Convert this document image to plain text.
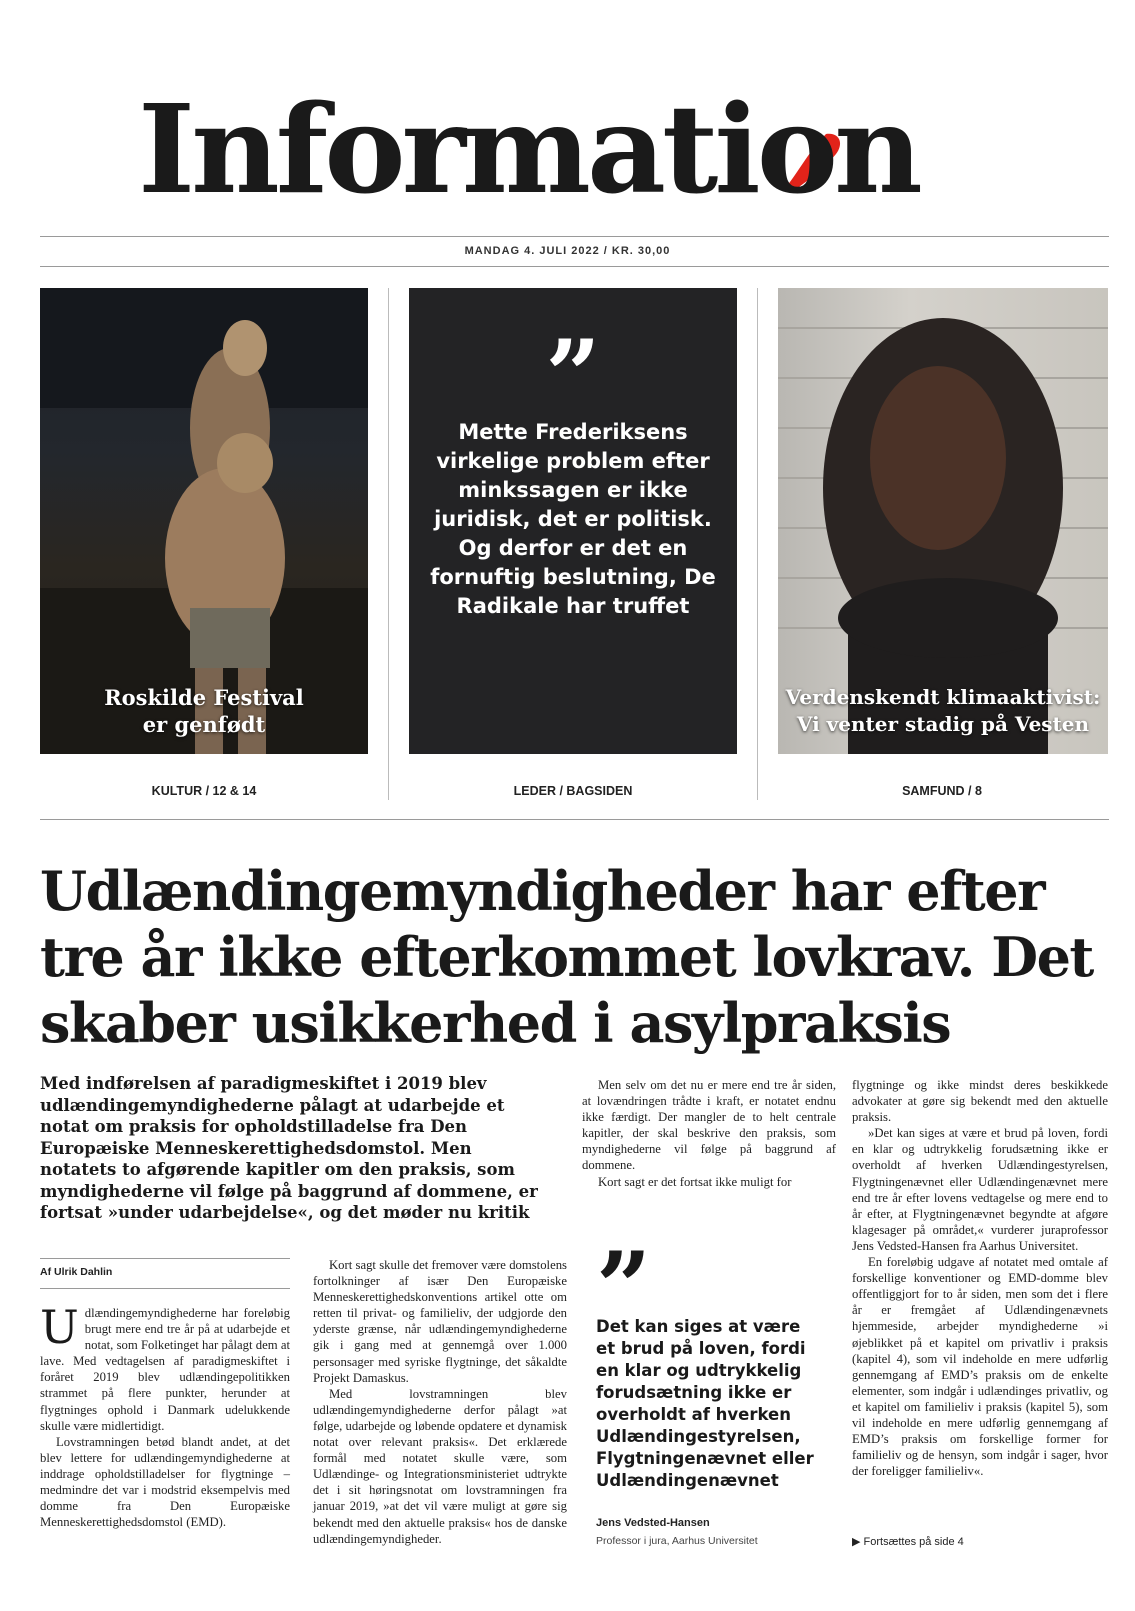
Information
MANDAG 4. JULI 2022 / KR. 30,00
Roskilde Festival
er genfødt
”
Mette Frederiksens virkelige problem efter minkssagen er ikke juridisk, det er politisk. Og derfor er det en fornuftig beslutning, De Radikale har truffet
Verdenskendt klimaaktivist:
Vi venter stadig på Vesten
KULTUR / 12 & 14	LEDER / BAGSIDEN	SAMFUND / 8
Udlændingemyndigheder har efter tre år ikke efterkommet lovkrav. Det skaber usikkerhed i asylpraksis
Med indførelsen af paradigmeskiftet i 2019 blev udlændingemyndighederne pålagt at udarbejde et notat om praksis for opholdstilladelse fra Den Europæiske Menneskerettighedsdomstol. Men notatets to afgørende kapitler om den praksis, som myndighederne vil følge på baggrund af dommene, er fortsat »under udarbejdelse«, og det møder nu kritik
Af Ulrik Dahlin

Udlændingemyndighederne har foreløbig brugt mere end tre år på at udarbejde et notat, som Folketinget har pålagt dem at lave. Med vedtagelsen af paradigmeskiftet i foråret 2019 blev udlændingepolitikken strammet på flere punkter, herunder at flygtninges ophold i Danmark udelukkende skulle være midlertidigt.

Lovstramningen betød blandt andet, at det blev lettere for udlændingemyndighederne at inddrage opholdstilladelser for flygtninge – medmindre det var i modstrid eksempelvis med domme fra Den Europæiske Menneskerettighedsdomstol (EMD).

Kort sagt skulle det fremover være domstolens fortolkninger af især Den Europæiske Menneskerettighedskonventions artikel otte om retten til privat- og familieliv, der udgjorde den yderste grænse, når udlændingemyndighederne gik i gang med at gennemgå over 1.000 personsager med syriske flygtninge, det såkaldte Projekt Damaskus.

Med lovstramningen blev udlændingemyndighederne derfor pålagt »at følge, udarbejde og løbende opdatere et dynamisk notat over relevant praksis«. Det erklærede formål med notatet skulle være, som Udlændinge- og Integrationsministeriet udtrykte det i sit høringsnotat om lovstramningen fra januar 2019, »at det vil være muligt at gøre sig bekendt med den aktuelle praksis« hos de danske udlændingemyndigheder.

Men selv om det nu er mere end tre år siden, at lovændringen trådte i kraft, er notatet endnu ikke færdigt. Der mangler de to helt centrale kapitler, der skal beskrive den praksis, som myndighederne vil følge på baggrund af dommene.

Kort sagt er det fortsat ikke muligt for

flygtninge og ikke mindst deres beskikkede advokater at gøre sig bekendt med den aktuelle praksis.

»Det kan siges at være et brud på loven, fordi en klar og udtrykkelig forudsætning ikke er overholdt af hverken Udlændingestyrelsen, Flygtningenævnet eller Udlændingenævnet mere end tre år efter lovens vedtagelse og mere end to år efter, at Flygtningenævnet begyndte at afgøre klagesager på området,« vurderer juraprofessor Jens Vedsted-Hansen fra Aarhus Universitet.

En foreløbig udgave af notatet med omtale af forskellige konventioner og EMD-domme blev offentliggjort for to år siden, men som det i flere år er fremgået af Udlændingenævnets hjemmeside, arbejder myndighederne »i øjeblikket på et kapitel om privatliv i praksis (kapitel 4), som vil indeholde en mere udførlig gennemgang af EMD’s praksis om de enkelte elementer, som indgår i udlændinges privatliv, og et kapitel om familieliv i praksis (kapitel 5), som vil indeholde en mere udførlig gennemgang af EMD’s praksis om forskellige former for familieliv og de hensyn, som indgår i sager, hvor der foreligger familieliv«.

”
Det kan siges at være et brud på loven, fordi en klar og udtrykkelig forudsætning ikke er overholdt af hverken Udlændingestyrelsen, Flygtningenævnet eller Udlændingenævnet
Jens Vedsted-Hansen
Professor i jura, Aarhus Universitet	▶ Fortsættes på side 4
